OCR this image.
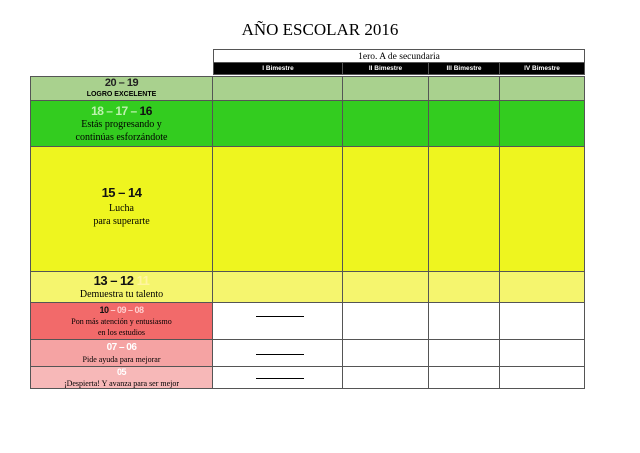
AÑO ESCOLAR 2016
1ero. A de secundaria
I Bimestre	II Bimestre	III Bimestre	IV Bimestre
20 – 19
LOGRO EXCELENTE
18 – 17 – 16
Estás progresando y
continúas esforzándote
15 – 14
Lucha
para superarte
13 – 12 11
Demuestra tu talento
10 – 09 – 08
Pon más atención y entusiasmo
en los estudios
07 – 06
Pide ayuda para mejorar
05
¡Despierta! Y avanza para ser mejor
